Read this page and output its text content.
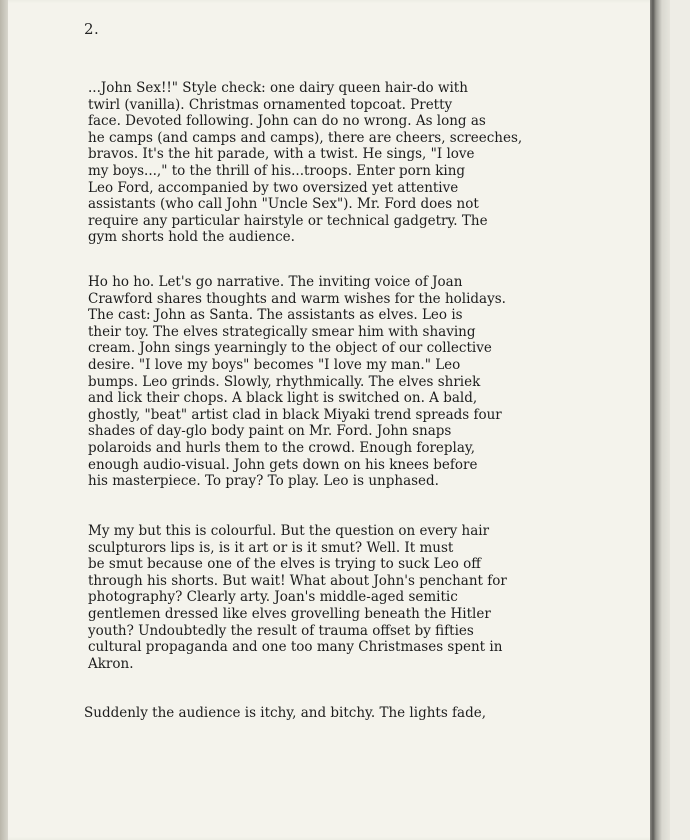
2.

...John Sex!!" Style check: one dairy queen hair-do with
twirl (vanilla). Christmas ornamented topcoat. Pretty
face. Devoted following. John can do no wrong. As long as
he camps (and camps and camps), there are cheers, screeches,
bravos. It's the hit parade, with a twist. He sings, "I love
my boys...," to the thrill of his...troops. Enter porn king
Leo Ford, accompanied by two oversized yet attentive
assistants (who call John "Uncle Sex"). Mr. Ford does not
require any particular hairstyle or technical gadgetry. The
gym shorts hold the audience.
Ho ho ho. Let's go narrative. The inviting voice of Joan
Crawford shares thoughts and warm wishes for the holidays.
The cast: John as Santa. The assistants as elves. Leo is
their toy. The elves strategically smear him with shaving
cream. John sings yearningly to the object of our collective
desire. "I love my boys" becomes "I love my man." Leo
bumps. Leo grinds. Slowly, rhythmically. The elves shriek
and lick their chops. A black light is switched on. A bald,
ghostly, "beat" artist clad in black Miyaki trend spreads four
shades of day-glo body paint on Mr. Ford. John snaps
polaroids and hurls them to the crowd. Enough foreplay,
enough audio-visual. John gets down on his knees before
his masterpiece. To pray? To play. Leo is unphased.
My my but this is colourful. But the question on every hair
sculpturors lips is, is it art or is it smut? Well. It must
be smut because one of the elves is trying to suck Leo off
through his shorts. But wait! What about John's penchant for
photography? Clearly arty. Joan's middle-aged semitic
gentlemen dressed like elves grovelling beneath the Hitler
youth? Undoubtedly the result of trauma offset by fifties
cultural propaganda and one too many Christmases spent in
Akron.
Suddenly the audience is itchy, and bitchy. The lights fade,
